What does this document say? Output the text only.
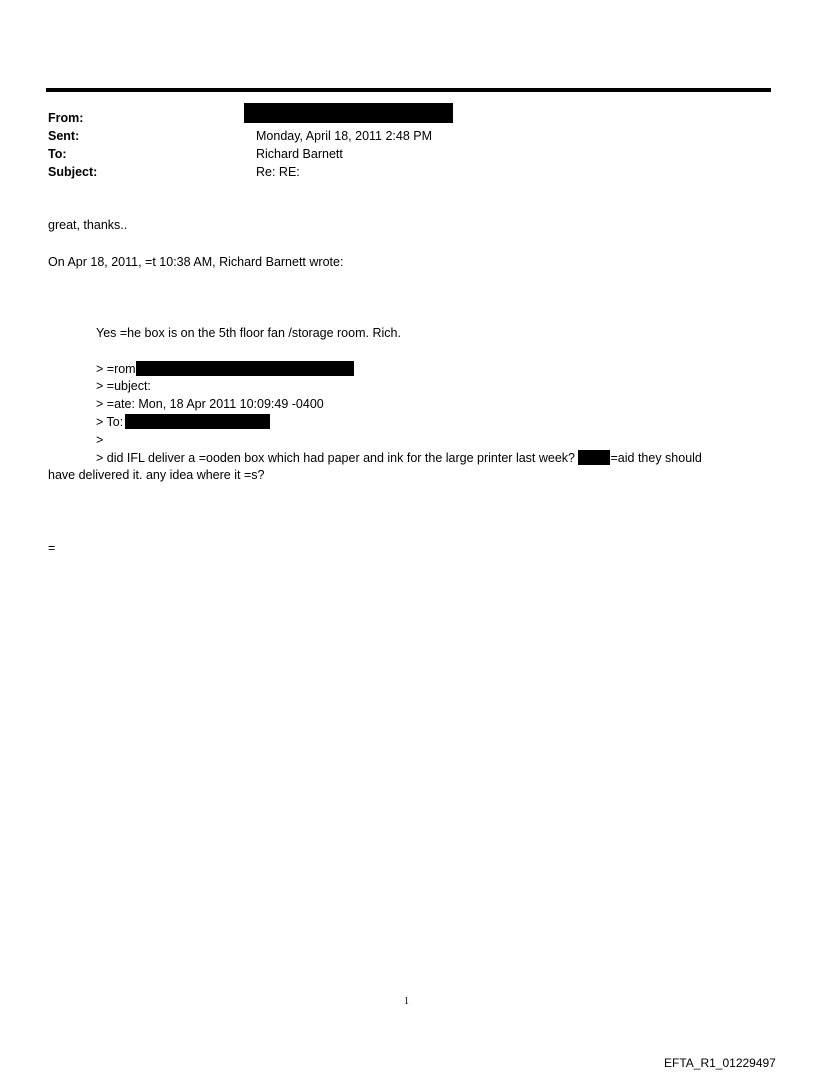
From:
Sent:	Monday, April 18, 2011 2:48 PM
To:	Richard Barnett
Subject:	Re: RE:
great, thanks..
On Apr 18, 2011, =t 10:38 AM, Richard Barnett wrote:
Yes =he box is on the 5th floor fan /storage room. Rich.
> =rom
> =ubject:
> =ate: Mon, 18 Apr 2011 10:09:49 -0400
> To:
>
> did IFL deliver a =ooden box which had paper and ink for the large printer last week?	=aid they should
have delivered it. any idea where it =s?
=
1
EFTA_R1_01229497
